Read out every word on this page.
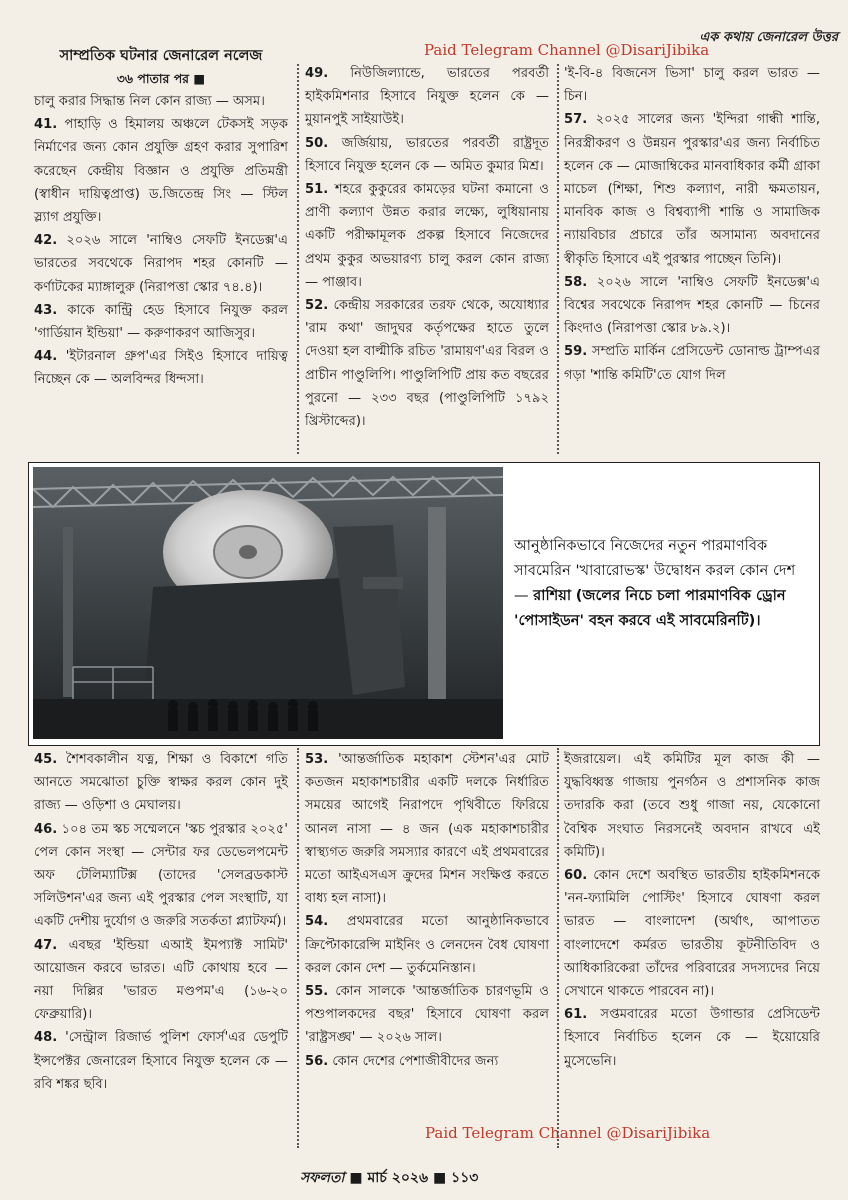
এক কথায় জেনারেল উত্তর
Paid Telegram Channel @DisariJibika
Paid Telegram Channel @DisariJibika
সাম্প্রতিক ঘটনার জেনারেল নলেজ
৩৬ পাতার পর ■

চালু করার সিদ্ধান্ত নিল কোন রাজ্য — অসম।

41. পাহাড়ি ও হিমালয় অঞ্চলে টেকসই সড়ক নির্মাণের জন্য কোন প্রযুক্তি গ্রহণ করার সুপারিশ করেছেন কেন্দ্রীয় বিজ্ঞান ও প্রযুক্তি প্রতিমন্ত্রী (স্বাধীন দায়িত্বপ্রাপ্ত) ড.জিতেন্দ্র সিং — স্টিল স্ল্যাগ প্রযুক্তি।

42. ২০২৬ সালে 'নাম্বিও সেফটি ইনডেক্স'এ ভারতের সবথেকে নিরাপদ শহর কোনটি — কর্ণাটকের ম্যাঙ্গালুরু (নিরাপত্তা স্কোর ৭৪.৪)।

43. কাকে কান্ট্রি হেড হিসাবে নিযুক্ত করল 'গার্ডিয়ান ইন্ডিয়া' — করুণাকরণ আজিসুর।

44. 'ইটারনাল গ্রুপ'এর সিইও হিসাবে দায়িত্ব নিচ্ছেন কে — অলবিন্দর ধিন্দসা।

49. নিউজিল্যান্ডে, ভারতের পরবর্তী হাইকমিশনার হিসাবে নিযুক্ত হলেন কে — মুয়ানপুই সাইয়াউই।

50. জর্জিয়ায়, ভারতের পরবর্তী রাষ্ট্রদূত হিসাবে নিযুক্ত হলেন কে — অমিত কুমার মিশ্র।

51. শহরে কুকুরের কামড়ের ঘটনা কমানো ও প্রাণী কল্যাণ উন্নত করার লক্ষ্যে, লুধিয়ানায় একটি পরীক্ষামূলক প্রকল্প হিসাবে নিজেদের প্রথম কুকুর অভয়ারণ্য চালু করল কোন রাজ্য — পাঞ্জাব।

52. কেন্দ্রীয় সরকারের তরফ থেকে, অযোধ্যার 'রাম কথা' জাদুঘর কর্তৃপক্ষের হাতে তুলে দেওয়া হল বাল্মীকি রচিত 'রামায়ণ'এর বিরল ও প্রাচীন পাণ্ডুলিপি। পাণ্ডুলিপিটি প্রায় কত বছরের পুরনো — ২৩৩ বছর (পাণ্ডুলিপিটি ১৭৯২ খ্রিস্টাব্দের)।

'ই-বি-৪ বিজনেস ভিসা' চালু করল ভারত — চিন।

57. ২০২৫ সালের জন্য 'ইন্দিরা গান্ধী শান্তি, নিরস্ত্রীকরণ ও উন্নয়ন পুরস্কার'এর জন্য নির্বাচিত হলেন কে — মোজাম্বিকের মানবাধিকার কর্মী গ্রাকা মাচেল (শিক্ষা, শিশু কল্যাণ, নারী ক্ষমতায়ন, মানবিক কাজ ও বিশ্বব্যাপী শান্তি ও সামাজিক ন্যায়বিচার প্রচারে তাঁর অসামান্য অবদানের স্বীকৃতি হিসাবে এই পুরস্কার পাচ্ছেন তিনি)।

58. ২০২৬ সালে 'নাম্বিও সেফটি ইনডেক্স'এ বিশ্বের সবথেকে নিরাপদ শহর কোনটি — চিনের কিংদাও (নিরাপত্তা স্কোর ৮৯.২)।

59. সম্প্রতি মার্কিন প্রেসিডেন্ট ডোনাল্ড ট্রাম্পএর গড়া 'শান্তি কমিটি'তে যোগ দিল

আনুষ্ঠানিকভাবে নিজেদের নতুন পারমাণবিক সাবমেরিন 'খাবারোভস্ক' উদ্বোধন করল কোন দেশ — রাশিয়া (জলের নিচে চলা পারমাণবিক ড্রোন 'পোসাইডন' বহন করবে এই সাবমেরিনটি)।

45. শৈশবকালীন যত্ন, শিক্ষা ও বিকাশে গতি আনতে সমঝোতা চুক্তি স্বাক্ষর করল কোন দুই রাজ্য — ওড়িশা ও মেঘালয়।

46. ১০৪ তম স্কচ সম্মেলনে 'স্কচ পুরস্কার ২০২৫' পেল কোন সংস্থা — সেন্টার ফর ডেভেলপমেন্ট অফ টেলিম্যাটিক্স (তাদের 'সেলব্রডকাস্ট সলিউশন'এর জন্য এই পুরস্কার পেল সংস্থাটি, যা একটি দেশীয় দুর্যোগ ও জরুরি সতর্কতা প্ল্যাটফর্ম)।

47. এবছর 'ইন্ডিয়া এআই ইমপ্যাক্ট সামিট' আয়োজন করবে ভারত। এটি কোথায় হবে — নয়া দিল্লির 'ভারত মণ্ডপম'এ (১৬-২০ ফেব্রুয়ারি)।

48. 'সেন্ট্রাল রিজার্ভ পুলিশ ফোর্স'এর ডেপুটি ইন্সপেক্টর জেনারেল হিসাবে নিযুক্ত হলেন কে — রবি শঙ্কর ছবি।

53. 'আন্তর্জাতিক মহাকাশ স্টেশন'এর মোট কতজন মহাকাশচারীর একটি দলকে নির্ধারিত সময়ের আগেই নিরাপদে পৃথিবীতে ফিরিয়ে আনল নাসা — ৪ জন (এক মহাকাশচারীর স্বাস্থ্যগত জরুরি সমস্যার কারণে এই প্রথমবারের মতো আইএসএস ক্রুদের মিশন সংক্ষিপ্ত করতে বাধ্য হল নাসা)।

54. প্রথমবারের মতো আনুষ্ঠানিকভাবে ক্রিপ্টোকারেন্সি মাইনিং ও লেনদেন বৈধ ঘোষণা করল কোন দেশ — তুর্কমেনিস্তান।

55. কোন সালকে 'আন্তর্জাতিক চারণভূমি ও পশুপালকদের বছর' হিসাবে ঘোষণা করল 'রাষ্ট্রসঙ্ঘ' — ২০২৬ সাল।

56. কোন দেশের পেশাজীবীদের জন্য

ইজরায়েল। এই কমিটির মূল কাজ কী — যুদ্ধবিধ্বস্ত গাজায় পুনর্গঠন ও প্রশাসনিক কাজ তদারকি করা (তবে শুধু গাজা নয়, যেকোনো বৈশ্বিক সংঘাত নিরসনেই অবদান রাখবে এই কমিটি)।

60. কোন দেশে অবস্থিত ভারতীয় হাইকমিশনকে 'নন-ফ্যামিলি পোস্টিং' হিসাবে ঘোষণা করল ভারত — বাংলাদেশ (অর্থাৎ, আপাতত বাংলাদেশে কর্মরত ভারতীয় কূটনীতিবিদ ও আধিকারিকেরা তাঁদের পরিবারের সদস্যদের নিয়ে সেখানে থাকতে পারবেন না)।

61. সপ্তমবারের মতো উগান্ডার প্রেসিডেন্ট হিসাবে নির্বাচিত হলেন কে — ইয়োয়েরি মুসেভেনি।

সফলতা ■ মার্চ ২০২৬ ■ ১১৩
